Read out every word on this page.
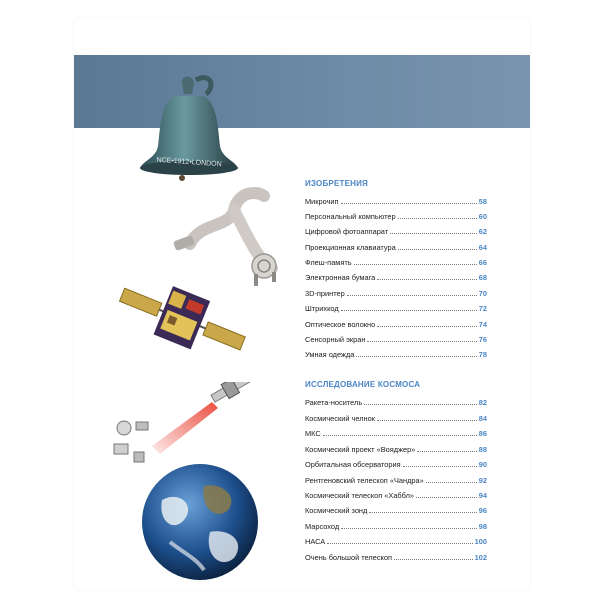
NCE•1912•LONDON
ИЗОБРЕТЕНИЯ
Микрочип	58
Персональный компьютер	60
Цифровой фотоаппарат	62
Проекционная клавиатура	64
Флеш-память	66
Электронная бумага	68
3D-принтер	70
Штрихкод	72
Оптическое волокно	74
Сенсорный экран	76
Умная одежда	78
ИССЛЕДОВАНИЕ КОСМОСА
Ракета-носитель	82
Космический челнок	84
МКС	86
Космический проект «Вояджер»	88
Орбитальная обсерватория	90
Рентгеновский телескоп «Чандра»	92
Космический телескоп «Хаббл»	94
Космический зонд	96
Марсоход	98
НАСА	100
Очень большой телескоп	102
